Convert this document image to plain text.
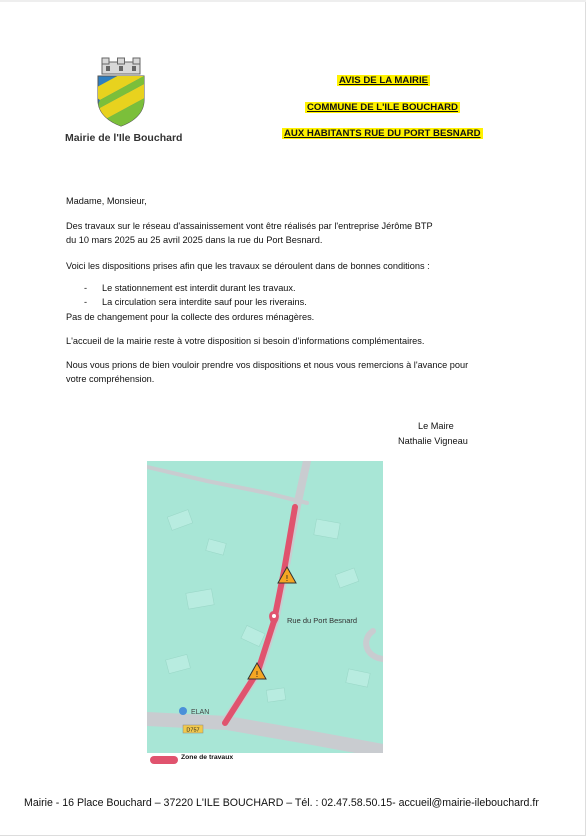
Mairie de l'Ile Bouchard
AVIS DE LA MAIRIE
COMMUNE DE L'ILE BOUCHARD
AUX HABITANTS RUE DU PORT BESNARD
Madame, Monsieur,
Des travaux sur le réseau d'assainissement vont être réalisés par l'entreprise Jérôme BTP
du 10 mars 2025 au 25 avril 2025 dans la rue du Port Besnard.
Voici les dispositions prises afin que les travaux se déroulent dans de bonnes conditions :
- Le stationnement est interdit durant les travaux.
- La circulation sera interdite sauf pour les riverains.
Pas de changement pour la collecte des ordures ménagères.
L'accueil de la mairie reste à votre disposition si besoin d'informations complémentaires.
Nous vous prions de bien vouloir prendre vos dispositions et nous vous remercions à l'avance pour
votre compréhension.
Le Maire
Nathalie Vigneau
!
!
Rue du Port Besnard
ELAN
D757
Zone de travaux
Mairie - 16 Place Bouchard – 37220 L'ILE BOUCHARD – Tél. : 02.47.58.50.15- accueil@mairie-ilebouchard.fr
